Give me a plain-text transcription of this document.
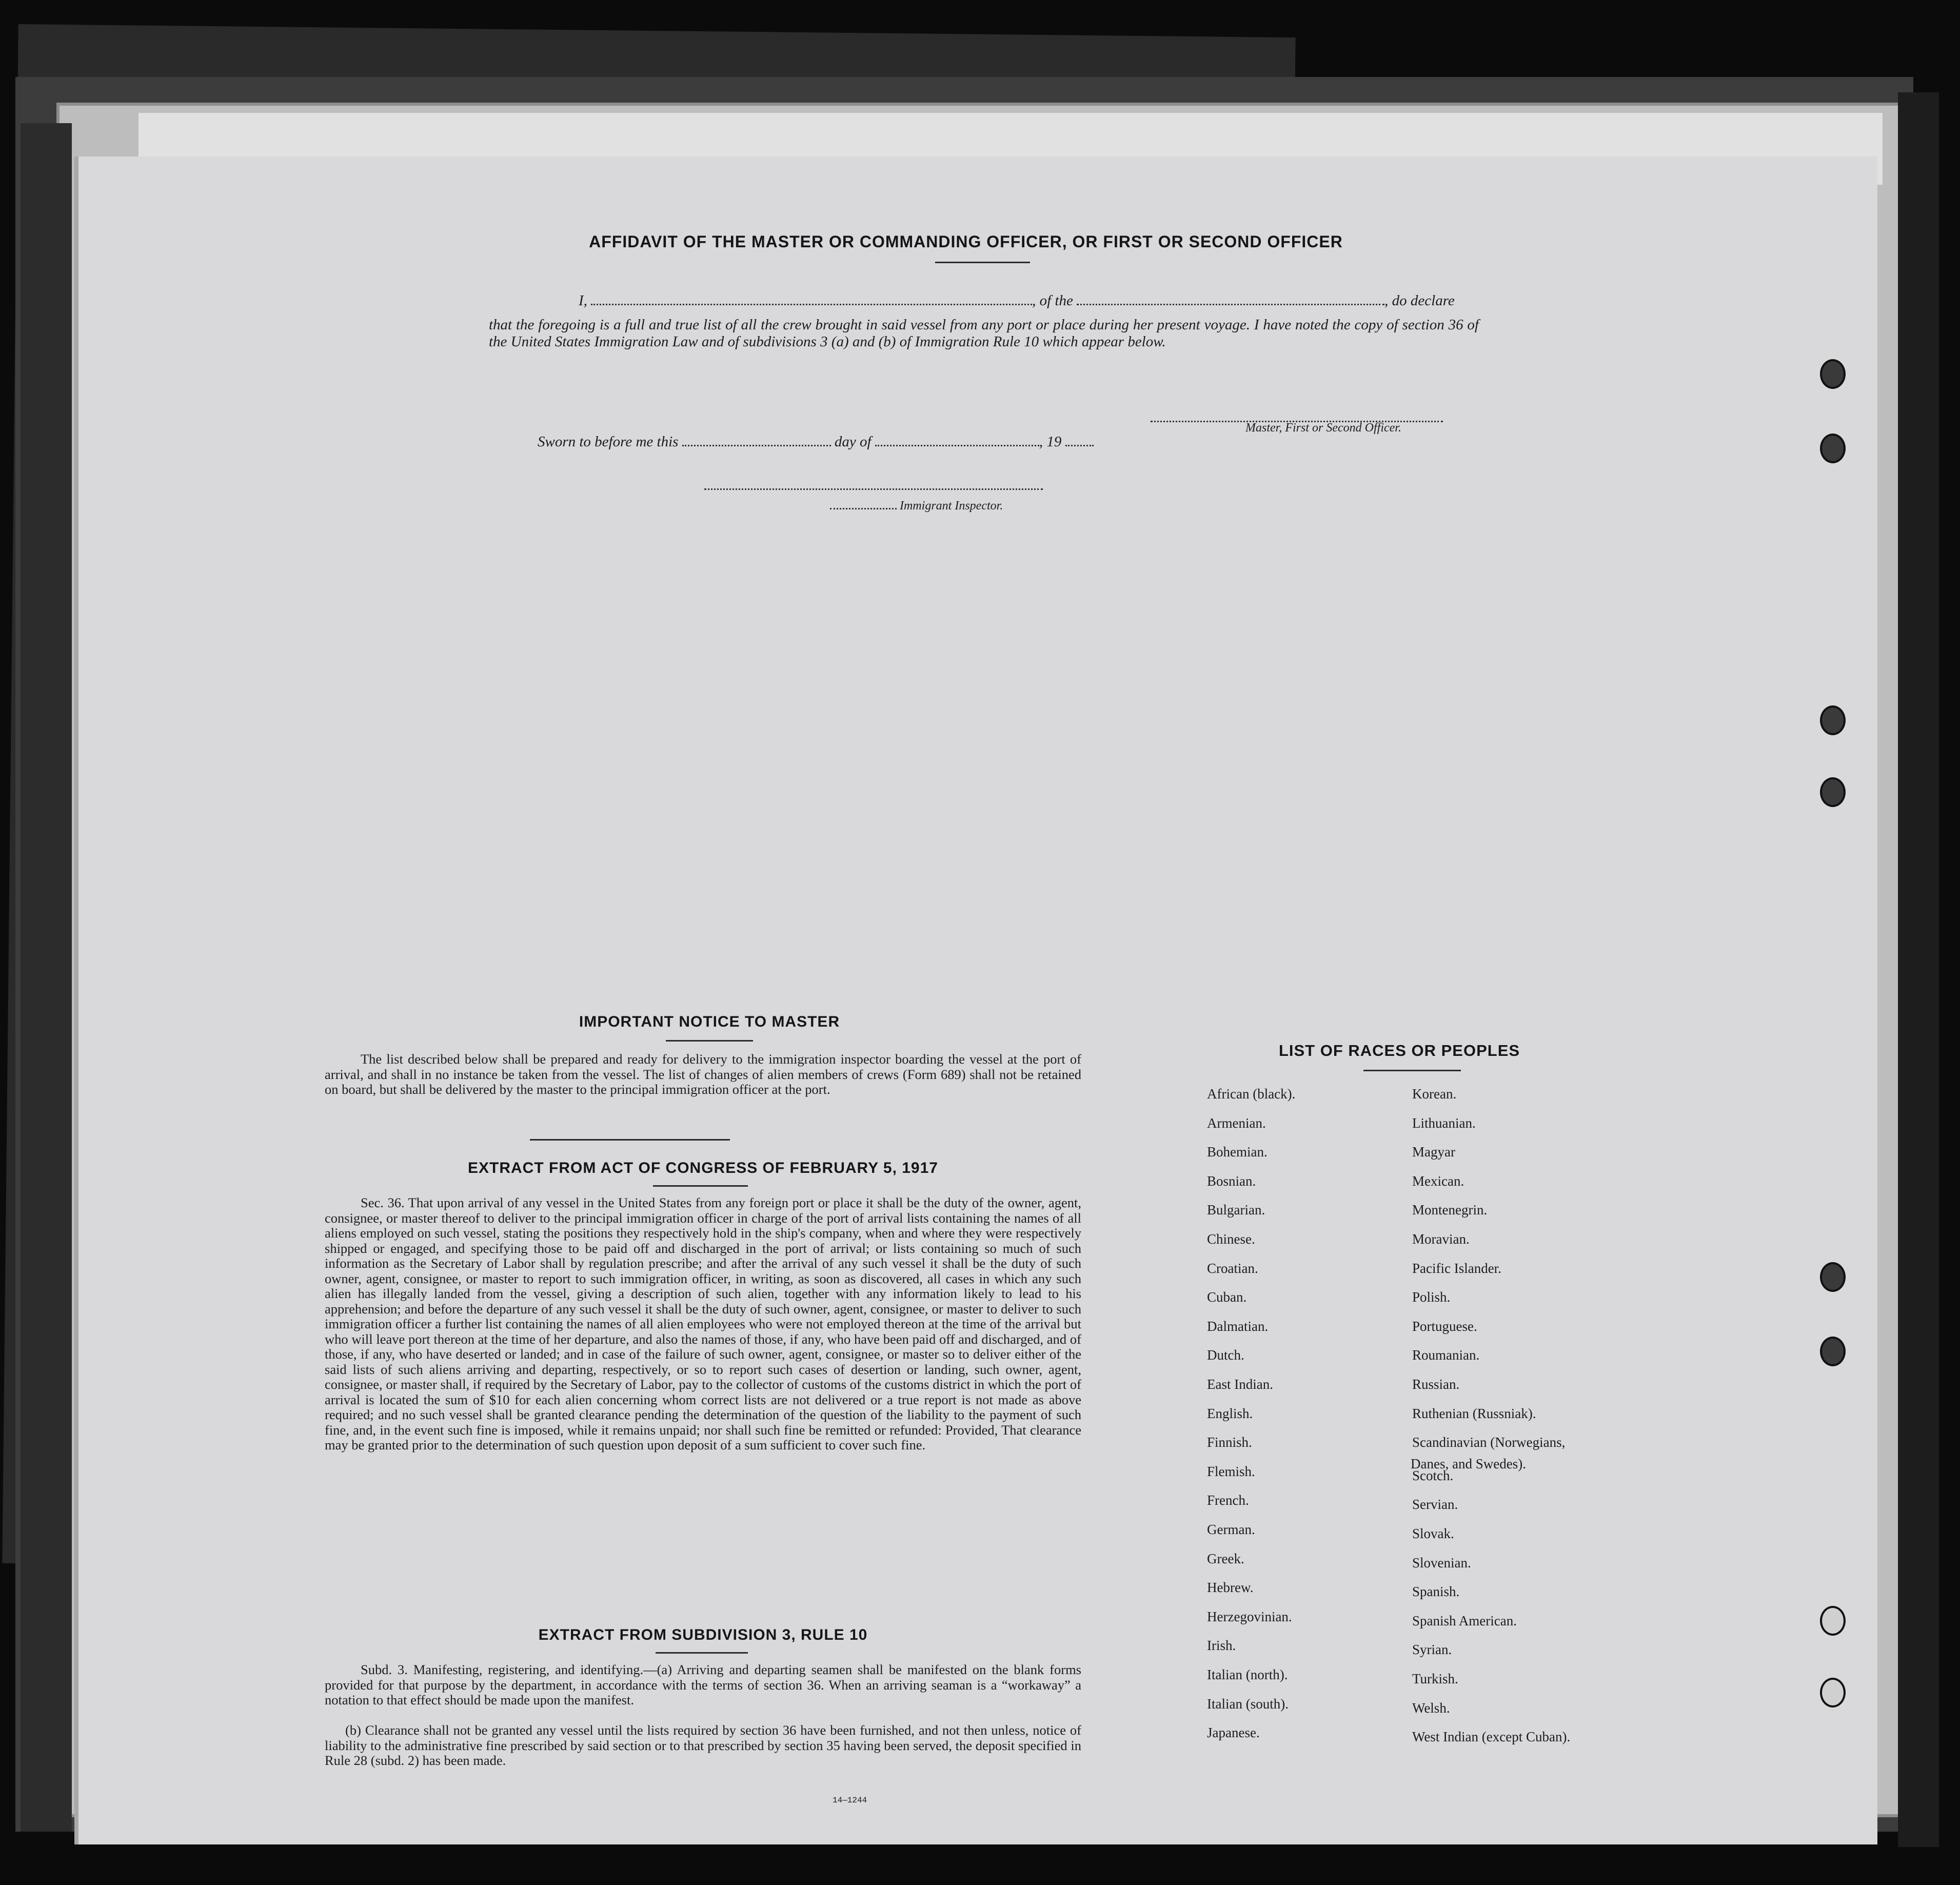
AFFIDAVIT OF THE MASTER OR COMMANDING OFFICER, OR FIRST OR SECOND OFFICER
I,	, of the	, do declare
that the foregoing is a full and true list of all the crew brought in said vessel from any port or place during her present voyage. I have noted the copy of section 36 of the United States Immigration Law and of subdivisions 3 (a) and (b) of Immigration Rule 10 which appear below.
Master, First or Second Officer.
Sworn to before me this	day of	, 19
Immigrant Inspector.
IMPORTANT NOTICE TO MASTER
The list described below shall be prepared and ready for delivery to the immigration inspector boarding the vessel at the port of arrival, and shall in no instance be taken from the vessel. The list of changes of alien members of crews (Form 689) shall not be retained on board, but shall be delivered by the master to the principal immigration officer at the port.
EXTRACT FROM ACT OF CONGRESS OF FEBRUARY 5, 1917
Sec. 36. That upon arrival of any vessel in the United States from any foreign port or place it shall be the duty of the owner, agent, consignee, or master thereof to deliver to the principal immigration officer in charge of the port of arrival lists containing the names of all aliens employed on such vessel, stating the positions they respectively hold in the ship's company, when and where they were respectively shipped or engaged, and specifying those to be paid off and discharged in the port of arrival; or lists containing so much of such information as the Secretary of Labor shall by regulation prescribe; and after the arrival of any such vessel it shall be the duty of such owner, agent, consignee, or master to report to such immigration officer, in writing, as soon as discovered, all cases in which any such alien has illegally landed from the vessel, giving a description of such alien, together with any information likely to lead to his apprehension; and before the departure of any such vessel it shall be the duty of such owner, agent, consignee, or master to deliver to such immigration officer a further list containing the names of all alien employees who were not employed thereon at the time of the arrival but who will leave port thereon at the time of her departure, and also the names of those, if any, who have been paid off and discharged, and of those, if any, who have deserted or landed; and in case of the failure of such owner, agent, consignee, or master so to deliver either of the said lists of such aliens arriving and departing, respectively, or so to report such cases of desertion or landing, such owner, agent, consignee, or master shall, if required by the Secretary of Labor, pay to the collector of customs of the customs district in which the port of arrival is located the sum of $10 for each alien concerning whom correct lists are not delivered or a true report is not made as above required; and no such vessel shall be granted clearance pending the determination of the question of the liability to the payment of such fine, and, in the event such fine is imposed, while it remains unpaid; nor shall such fine be remitted or refunded: Provided, That clearance may be granted prior to the determination of such question upon deposit of a sum sufficient to cover such fine.
EXTRACT FROM SUBDIVISION 3, RULE 10
Subd. 3. Manifesting, registering, and identifying.—(a) Arriving and departing seamen shall be manifested on the blank forms provided for that purpose by the department, in accordance with the terms of section 36. When an arriving seaman is a “workaway” a notation to that effect should be made upon the manifest.
(b) Clearance shall not be granted any vessel until the lists required by section 36 have been furnished, and not then unless, notice of liability to the administrative fine prescribed by said section or to that prescribed by section 35 having been served, the deposit specified in Rule 28 (subd. 2) has been made.
14—1244
LIST OF RACES OR PEOPLES
Danes, and Swedes).
African (black).
Armenian.
Bohemian.
Bosnian.
Bulgarian.
Chinese.
Croatian.
Cuban.
Dalmatian.
Dutch.
East Indian.
English.
Finnish.
Flemish.
French.
German.
Greek.
Hebrew.
Herzegovinian.
Irish.
Italian (north).
Italian (south).
Japanese.
Korean.
Lithuanian.
Magyar
Mexican.
Montenegrin.
Moravian.
Pacific Islander.
Polish.
Portuguese.
Roumanian.
Russian.
Ruthenian (Russniak).
Scandinavian (Norwegians,
Scotch.
Servian.
Slovak.
Slovenian.
Spanish.
Spanish American.
Syrian.
Turkish.
Welsh.
West Indian (except Cuban).
